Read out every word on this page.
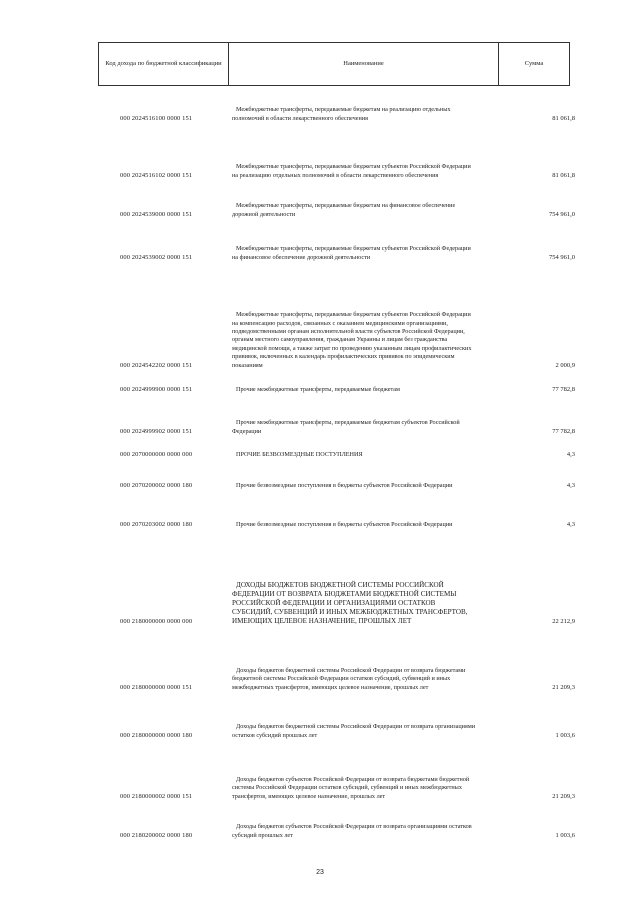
Код дохода по бюджетной классификации	Наименование	Сумма
000 2024516100 0000 151
Межбюджетные трансферты, передаваемые бюджетам на реализацию отдельных полномочий в области лекарственного обеспечения	81 061,8
000 2024516102 0000 151
Межбюджетные трансферты, передаваемые бюджетам субъектов Российской Федерации на реализацию отдельных полномочий в области лекарственного обеспечения	81 061,8
000 2024539000 0000 151
Межбюджетные трансферты, передаваемые бюджетам на финансовое обеспечение дорожной деятельности	754 961,0
000 2024539002 0000 151
Межбюджетные трансферты, передаваемые бюджетам субъектов Российской Федерации на финансовое обеспечение дорожной деятельности	754 961,0
000 2024542202 0000 151
Межбюджетные трансферты, передаваемые бюджетам субъектов Российской Федерации на компенсацию расходов, связанных с оказанием медицинскими организациями, подведомственными органам исполнительной власти субъектов Российской Федерации, органам местного самоуправления, гражданам Украины и лицам без гражданства медицинской помощи, а также затрат по проведению указанным лицам профилактических прививок, включенных в календарь профилактических прививок по эпидемическим показаниям	2 000,9
000 2024999900 0000 151	Прочие межбюджетные трансферты, передаваемые бюджетам	77 782,8
000 2024999902 0000 151
Прочие межбюджетные трансферты, передаваемые бюджетам субъектов Российской Федерации	77 782,8
000 2070000000 0000 000	ПРОЧИЕ БЕЗВОЗМЕЗДНЫЕ ПОСТУПЛЕНИЯ	4,3
000 2070200002 0000 180	Прочие безвозмездные поступления в бюджеты субъектов Российской Федерации	4,3
000 2070203002 0000 180	Прочие безвозмездные поступления в бюджеты субъектов Российской Федерации	4,3
000 2180000000 0000 000
ДОХОДЫ БЮДЖЕТОВ БЮДЖЕТНОЙ СИСТЕМЫ РОССИЙСКОЙ ФЕДЕРАЦИИ ОТ ВОЗВРАТА БЮДЖЕТАМИ БЮДЖЕТНОЙ СИСТЕМЫ РОССИЙСКОЙ ФЕДЕРАЦИИ И ОРГАНИЗАЦИЯМИ ОСТАТКОВ СУБСИДИЙ, СУБВЕНЦИЙ И ИНЫХ МЕЖБЮДЖЕТНЫХ ТРАНСФЕРТОВ, ИМЕЮЩИХ ЦЕЛЕВОЕ НАЗНАЧЕНИЕ, ПРОШЛЫХ ЛЕТ	22 212,9
000 2180000000 0000 151
Доходы бюджетов бюджетной системы Российской Федерации от возврата бюджетами бюджетной системы Российской Федерации остатков субсидий, субвенций и иных межбюджетных трансфертов, имеющих целевое назначение, прошлых лет	21 209,3
000 2180000000 0000 180
Доходы бюджетов бюджетной системы Российской Федерации от возврата организациями остатков субсидий прошлых лет	1 003,6
000 2180000002 0000 151
Доходы бюджетов субъектов Российской Федерации от возврата бюджетами бюджетной системы Российской Федерации остатков субсидий, субвенций и иных межбюджетных трансфертов, имеющих целевое назначение, прошлых лет	21 209,3
000 2180200002 0000 180
Доходы бюджетов субъектов Российской Федерации от возврата организациями остатков субсидий прошлых лет	1 003,6
23
